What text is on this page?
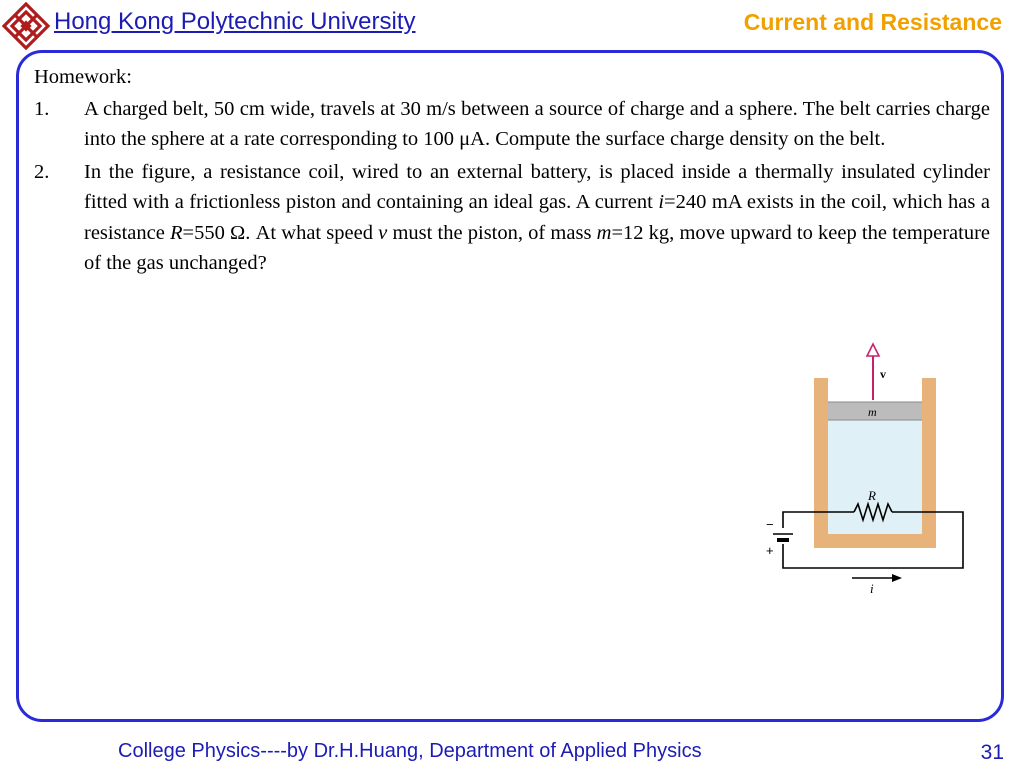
Hong Kong Polytechnic University	Current and Resistance
Homework:
1.	A charged belt, 50 cm wide, travels at 30 m/s between a source of charge and a sphere. The belt carries charge into the sphere at a rate corresponding to 100 μA. Compute the surface charge density on the belt.
2.	In the figure, a resistance coil, wired to an external battery, is placed inside a thermally insulated cylinder fitted with a frictionless piston and containing an ideal gas. A current i=240 mA exists in the coil, which has a resistance R=550 Ω. At what speed v must the piston, of mass m=12 kg, move upward to keep the temperature of the gas unchanged?
m
v
R
−
+
i
College Physics----by Dr.H.Huang, Department of Applied Physics	31
